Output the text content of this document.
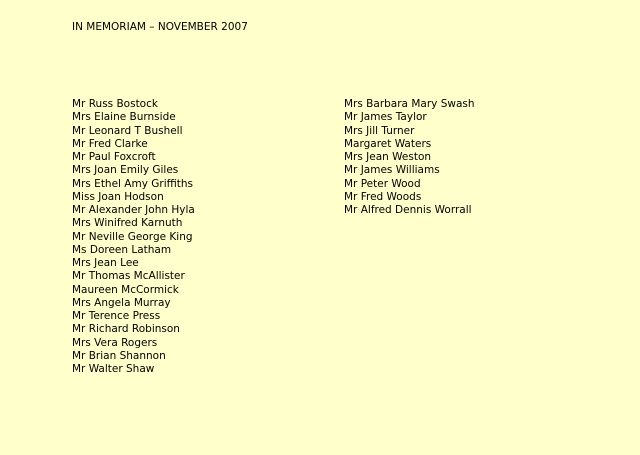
IN MEMORIAM – NOVEMBER 2007
Mr Russ Bostock
Mrs Elaine Burnside
Mr Leonard T Bushell
Mr Fred Clarke
Mr Paul Foxcroft
Mrs Joan Emily Giles
Mrs Ethel Amy Griffiths
Miss Joan Hodson
Mr Alexander John Hyla
Mrs Winifred Karnuth
Mr Neville George King
Ms Doreen Latham
Mrs Jean Lee
Mr Thomas McAllister
Maureen McCormick
Mrs Angela Murray
Mr Terence Press
Mr Richard Robinson
Mrs Vera Rogers
Mr Brian Shannon
Mr Walter Shaw
Mrs Barbara Mary Swash
Mr James Taylor
Mrs Jill Turner
Margaret Waters
Mrs Jean Weston
Mr James Williams
Mr Peter Wood
Mr Fred Woods
Mr Alfred Dennis Worrall
